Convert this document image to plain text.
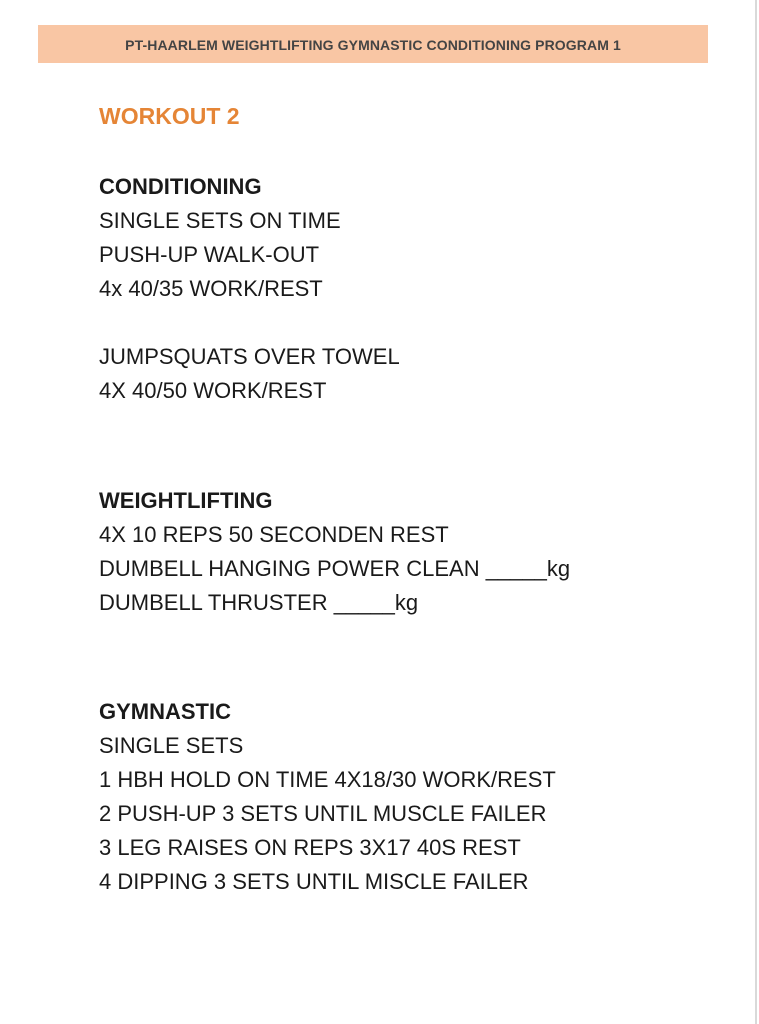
PT-HAARLEM WEIGHTLIFTING GYMNASTIC CONDITIONING PROGRAM 1
WORKOUT 2
CONDITIONING
SINGLE SETS ON TIME
PUSH-UP WALK-OUT
4x 40/35 WORK/REST
JUMPSQUATS OVER TOWEL
4X 40/50 WORK/REST
WEIGHTLIFTING
4X 10 REPS 50 SECONDEN REST
DUMBELL HANGING POWER CLEAN _____kg
DUMBELL THRUSTER _____kg
GYMNASTIC
SINGLE SETS
1 HBH HOLD ON TIME 4X18/30 WORK/REST
2 PUSH-UP 3 SETS UNTIL MUSCLE FAILER
3 LEG RAISES ON REPS 3X17 40S REST
4 DIPPING 3 SETS UNTIL MISCLE FAILER
